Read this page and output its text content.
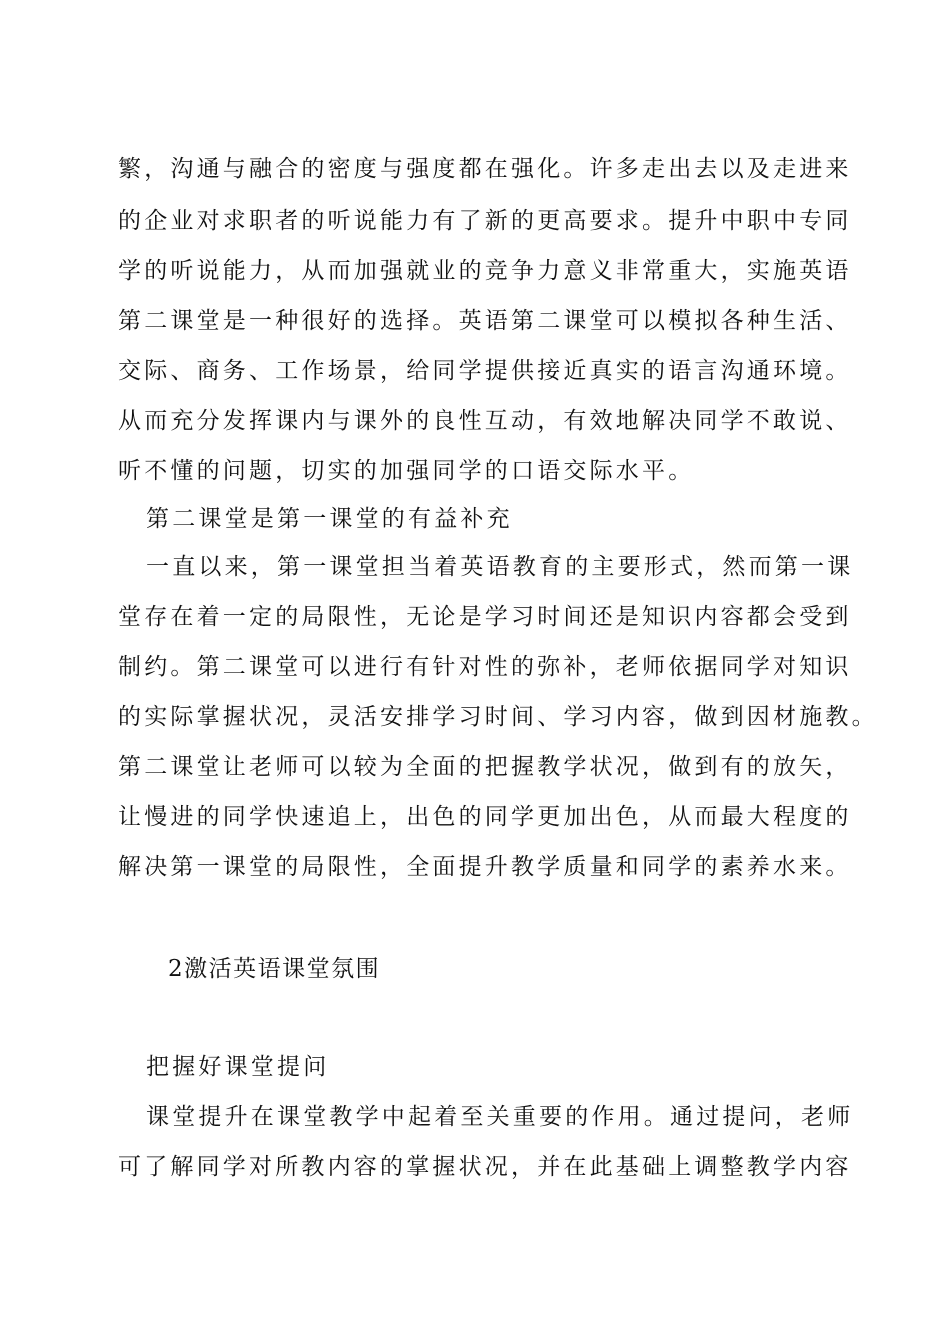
繁，沟通与融合的密度与强度都在强化。许多走出去以及走进来
的企业对求职者的听说能力有了新的更高要求。提升中职中专同
学的听说能力，从而加强就业的竞争力意义非常重大，实施英语
第二课堂是一种很好的选择。英语第二课堂可以模拟各种生活、
交际、商务、工作场景，给同学提供接近真实的语言沟通环境。
从而充分发挥课内与课外的良性互动，有效地解决同学不敢说、
听不懂的问题，切实的加强同学的口语交际水平。
第二课堂是第一课堂的有益补充
一直以来，第一课堂担当着英语教育的主要形式，然而第一课
堂存在着一定的局限性，无论是学习时间还是知识内容都会受到
制约。第二课堂可以进行有针对性的弥补，老师依据同学对知识
的实际掌握状况，灵活安排学习时间、学习内容，做到因材施教。
第二课堂让老师可以较为全面的把握教学状况，做到有的放矢，
让慢进的同学快速追上，出色的同学更加出色，从而最大程度的
解决第一课堂的局限性，全面提升教学质量和同学的素养水来。
2激活英语课堂氛围
把握好课堂提问
课堂提升在课堂教学中起着至关重要的作用。通过提问，老师
可了解同学对所教内容的掌握状况，并在此基础上调整教学内容
